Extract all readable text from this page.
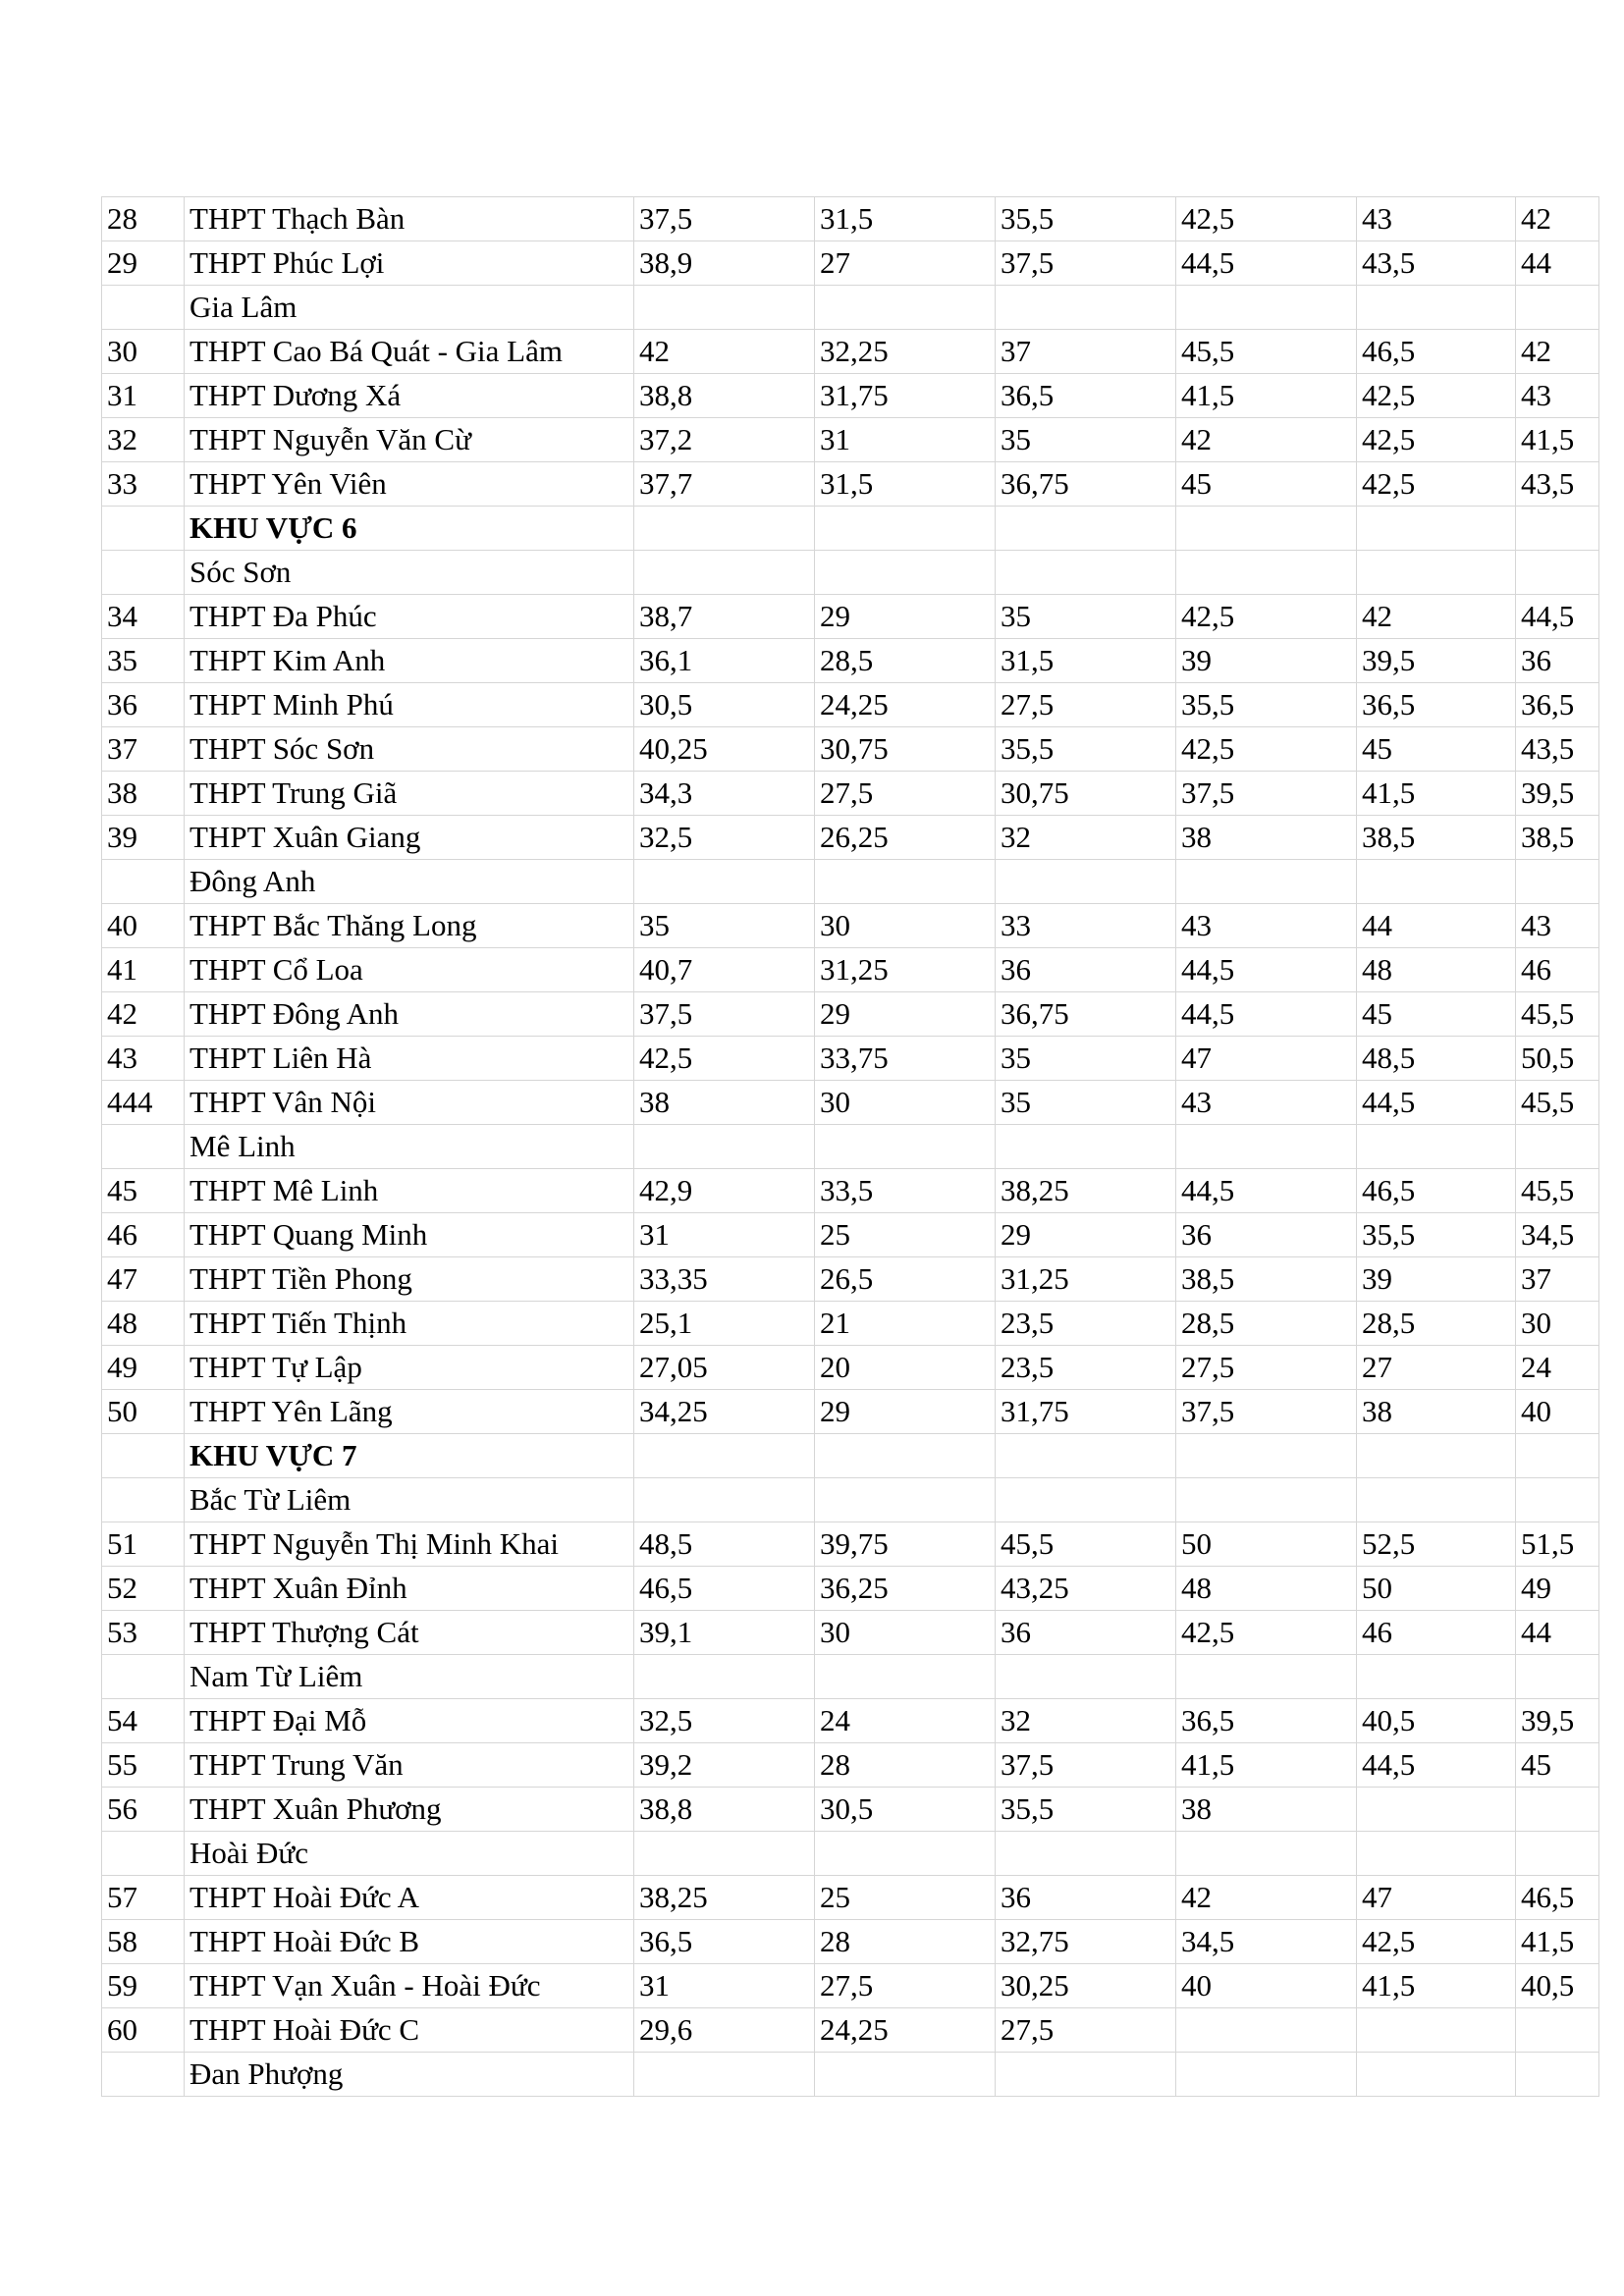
28	THPT Thạch Bàn	37,5	31,5	35,5	42,5	43	42
29	THPT Phúc Lợi	38,9	27	37,5	44,5	43,5	44
	Gia Lâm						
30	THPT Cao Bá Quát - Gia Lâm	42	32,25	37	45,5	46,5	42
31	THPT Dương Xá	38,8	31,75	36,5	41,5	42,5	43
32	THPT Nguyễn Văn Cừ	37,2	31	35	42	42,5	41,5
33	THPT Yên Viên	37,7	31,5	36,75	45	42,5	43,5
	KHU VỰC 6						
	Sóc Sơn						
34	THPT Đa Phúc	38,7	29	35	42,5	42	44,5
35	THPT Kim Anh	36,1	28,5	31,5	39	39,5	36
36	THPT Minh Phú	30,5	24,25	27,5	35,5	36,5	36,5
37	THPT Sóc Sơn	40,25	30,75	35,5	42,5	45	43,5
38	THPT Trung Giã	34,3	27,5	30,75	37,5	41,5	39,5
39	THPT Xuân Giang	32,5	26,25	32	38	38,5	38,5
	Đông Anh						
40	THPT Bắc Thăng Long	35	30	33	43	44	43
41	THPT Cổ Loa	40,7	31,25	36	44,5	48	46
42	THPT Đông Anh	37,5	29	36,75	44,5	45	45,5
43	THPT Liên Hà	42,5	33,75	35	47	48,5	50,5
444	THPT Vân Nội	38	30	35	43	44,5	45,5
	Mê Linh						
45	THPT Mê Linh	42,9	33,5	38,25	44,5	46,5	45,5
46	THPT Quang Minh	31	25	29	36	35,5	34,5
47	THPT Tiền Phong	33,35	26,5	31,25	38,5	39	37
48	THPT Tiến Thịnh	25,1	21	23,5	28,5	28,5	30
49	THPT Tự Lập	27,05	20	23,5	27,5	27	24
50	THPT Yên Lãng	34,25	29	31,75	37,5	38	40
	KHU VỰC 7						
	Bắc Từ Liêm						
51	THPT Nguyễn Thị Minh Khai	48,5	39,75	45,5	50	52,5	51,5
52	THPT Xuân Đỉnh	46,5	36,25	43,25	48	50	49
53	THPT Thượng Cát	39,1	30	36	42,5	46	44
	Nam Từ Liêm						
54	THPT Đại Mỗ	32,5	24	32	36,5	40,5	39,5
55	THPT Trung Văn	39,2	28	37,5	41,5	44,5	45
56	THPT Xuân Phương	38,8	30,5	35,5	38		
	Hoài Đức						
57	THPT Hoài Đức A	38,25	25	36	42	47	46,5
58	THPT Hoài Đức B	36,5	28	32,75	34,5	42,5	41,5
59	THPT Vạn Xuân - Hoài Đức	31	27,5	30,25	40	41,5	40,5
60	THPT Hoài Đức C	29,6	24,25	27,5			
	Đan Phượng						
